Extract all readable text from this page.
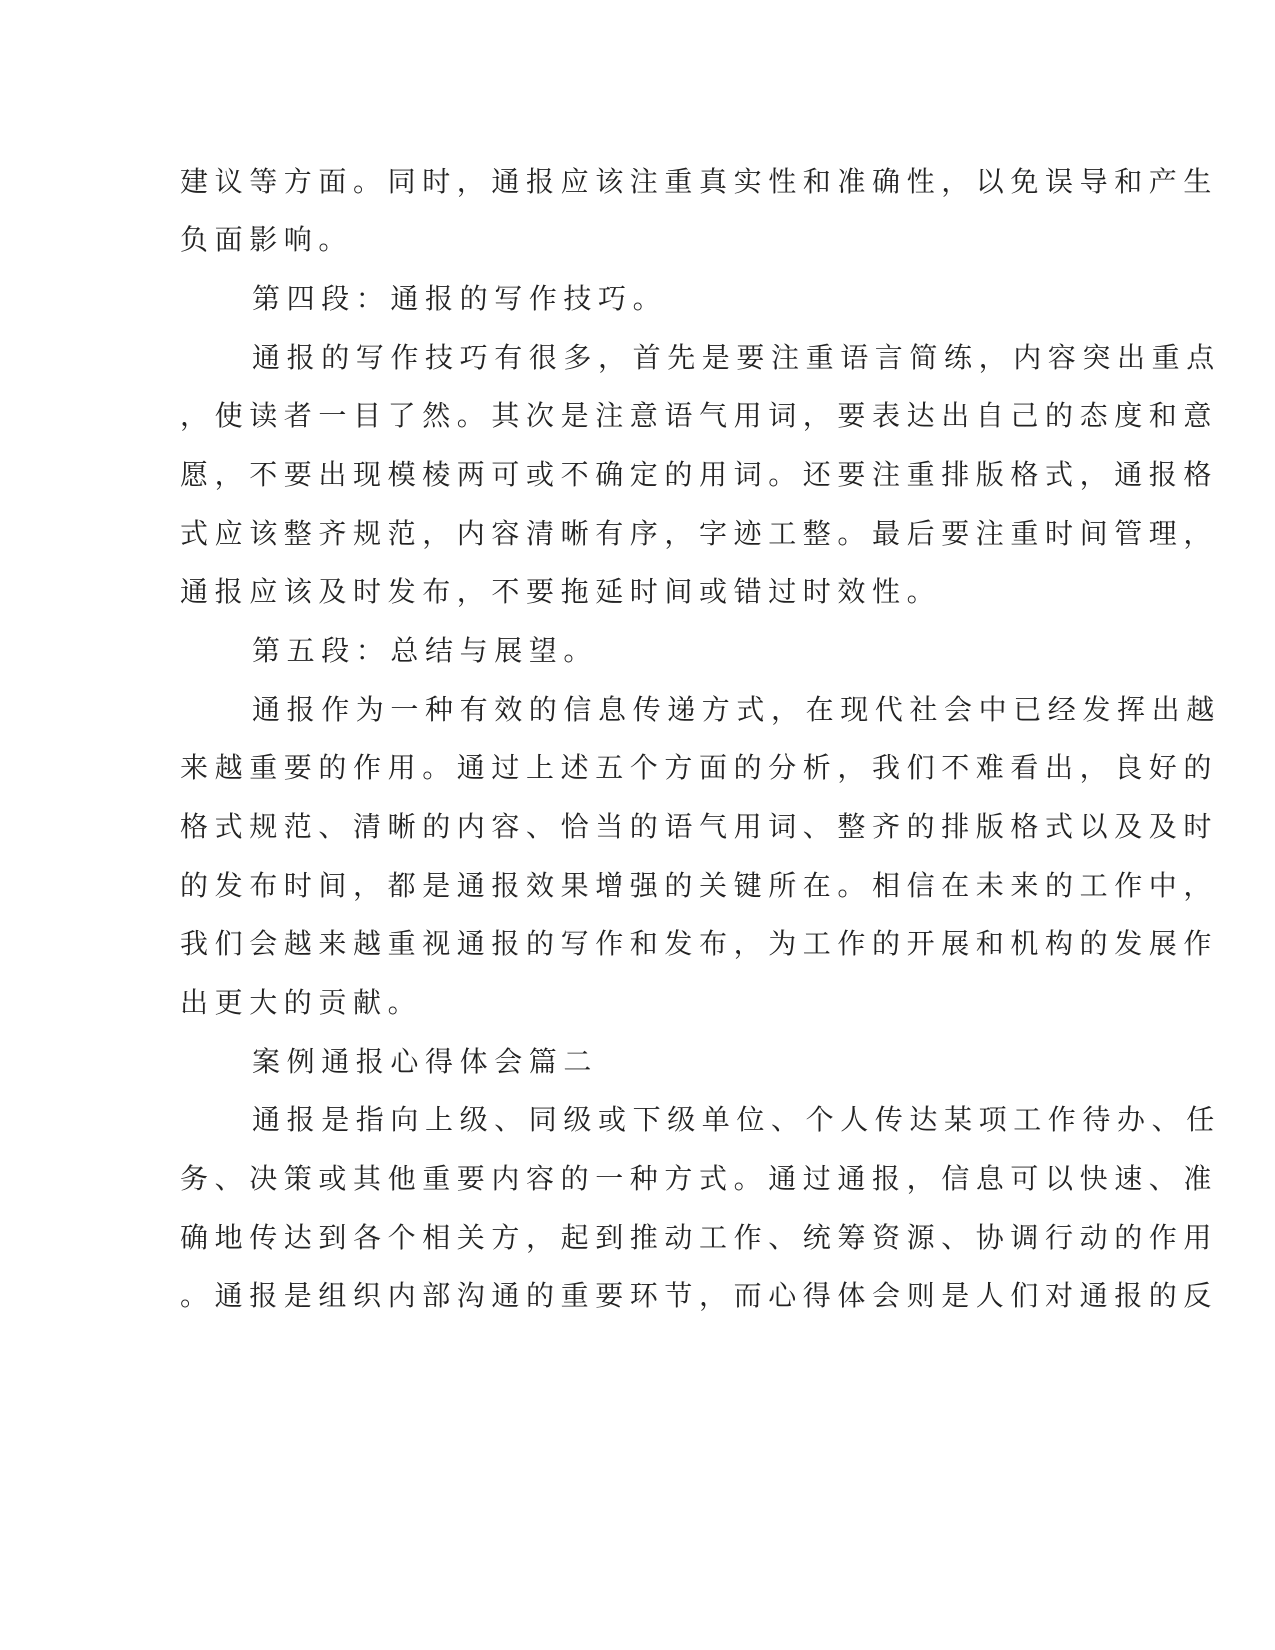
建议等方面。同时，通报应该注重真实性和准确性，以免误导和产生

负面影响。

第四段：通报的写作技巧。

通报的写作技巧有很多，首先是要注重语言简练，内容突出重点

，使读者一目了然。其次是注意语气用词，要表达出自己的态度和意

愿，不要出现模棱两可或不确定的用词。还要注重排版格式，通报格

式应该整齐规范，内容清晰有序，字迹工整。最后要注重时间管理，

通报应该及时发布，不要拖延时间或错过时效性。

第五段：总结与展望。

通报作为一种有效的信息传递方式，在现代社会中已经发挥出越

来越重要的作用。通过上述五个方面的分析，我们不难看出，良好的

格式规范、清晰的内容、恰当的语气用词、整齐的排版格式以及及时

的发布时间，都是通报效果增强的关键所在。相信在未来的工作中，

我们会越来越重视通报的写作和发布，为工作的开展和机构的发展作

出更大的贡献。

案例通报心得体会篇二

通报是指向上级、同级或下级单位、个人传达某项工作待办、任

务、决策或其他重要内容的一种方式。通过通报，信息可以快速、准

确地传达到各个相关方，起到推动工作、统筹资源、协调行动的作用

。通报是组织内部沟通的重要环节，而心得体会则是人们对通报的反
